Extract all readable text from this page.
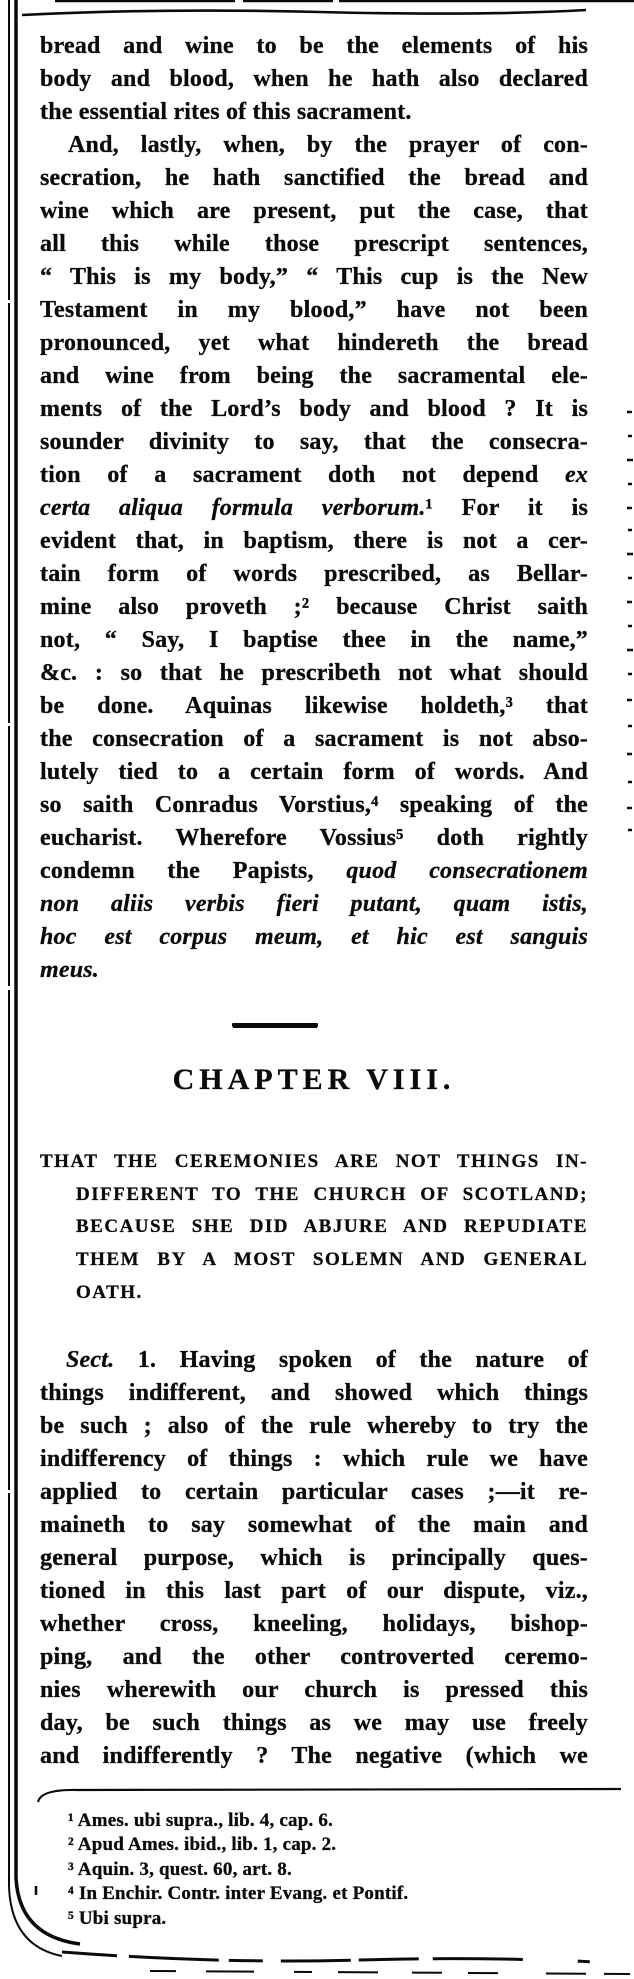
bread and wine to be the elements of his
body and blood, when he hath also declared
the essential rites of this sacrament.
And, lastly, when, by the prayer of con-
secration, he hath sanctified the bread and
wine which are present, put the case, that
all this while those prescript sentences,
“ This is my body,” “ This cup is the New
Testament in my blood,” have not been
pronounced, yet what hindereth the bread
and wine from being the sacramental ele-
ments of the Lord’s body and blood ? It is
sounder divinity to say, that the consecra-
tion of a sacrament doth not depend ex
certa aliqua formula verborum.¹ For it is
evident that, in baptism, there is not a cer-
tain form of words prescribed, as Bellar-
mine also proveth ;² because Christ saith
not, “ Say, I baptise thee in the name,”
&c. : so that he prescribeth not what should
be done. Aquinas likewise holdeth,³ that
the consecration of a sacrament is not abso-
lutely tied to a certain form of words. And
so saith Conradus Vorstius,⁴ speaking of the
eucharist. Wherefore Vossius⁵ doth rightly
condemn the Papists, quod consecrationem
non aliis verbis fieri putant, quam istis,
hoc est corpus meum, et hic est sanguis
meus.
CHAPTER VIII.
THAT THE CEREMONIES ARE NOT THINGS IN-
DIFFERENT TO THE CHURCH OF SCOTLAND;
BECAUSE SHE DID ABJURE AND REPUDIATE
THEM BY A MOST SOLEMN AND GENERAL
OATH.
Sect. 1. Having spoken of the nature of
things indifferent, and showed which things
be such ; also of the rule whereby to try the
indifferency of things : which rule we have
applied to certain particular cases ;—it re-
maineth to say somewhat of the main and
general purpose, which is principally ques-
tioned in this last part of our dispute, viz.,
whether cross, kneeling, holidays, bishop-
ping, and the other controverted ceremo-
nies wherewith our church is pressed this
day, be such things as we may use freely
and indifferently ? The negative (which we
¹ Ames. ubi supra., lib. 4, cap. 6.
² Apud Ames. ibid., lib. 1, cap. 2.
³ Aquin. 3, quest. 60, art. 8.
⁴ In Enchir. Contr. inter Evang. et Pontif.
⁵ Ubi supra.
